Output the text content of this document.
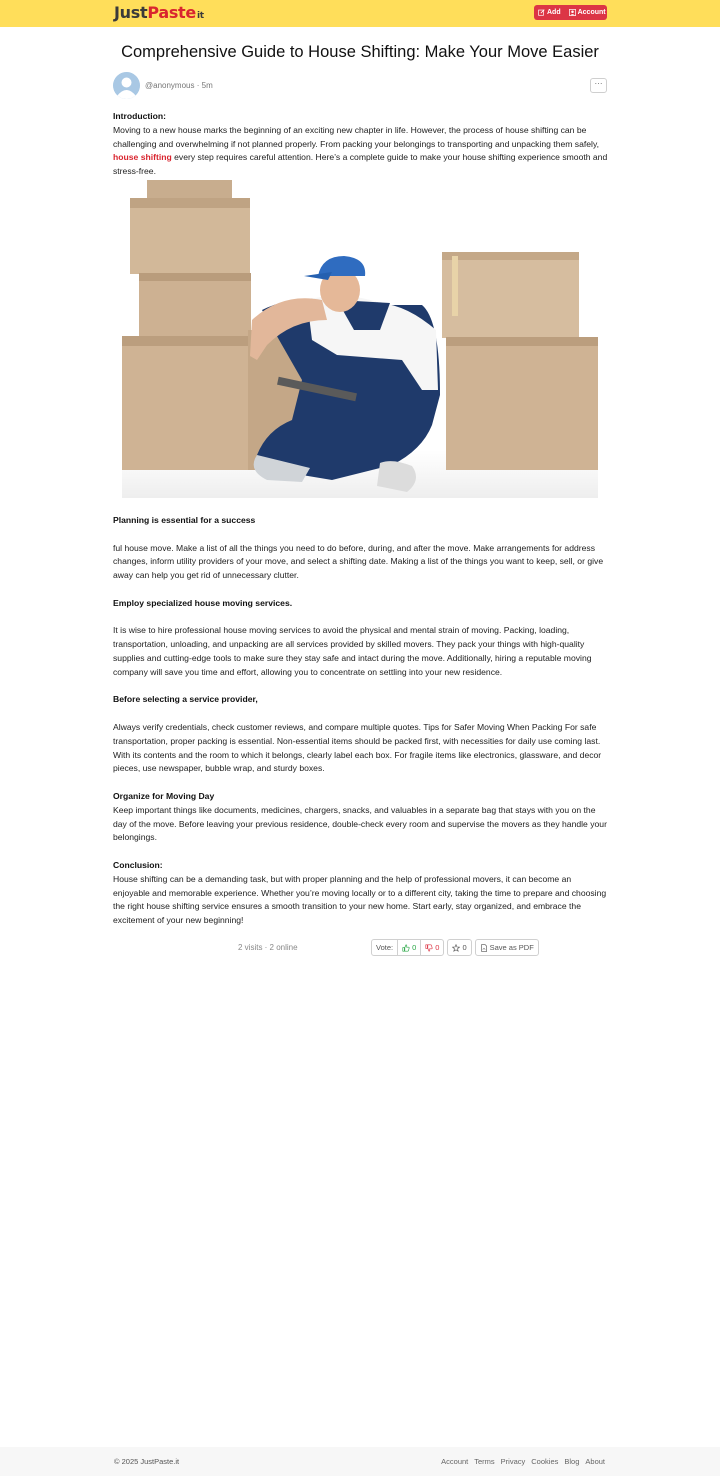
JustPasteit	Add Account
Comprehensive Guide to House Shifting: Make Your Move Easier
@anonymous · 5m	···

Introduction:

Moving to a new house marks the beginning of an exciting new chapter in life. However, the process of house shifting can be challenging and overwhelming if not planned properly. From packing your belongings to transporting and unpacking them safely, house shifting every step requires careful attention. Here’s a complete guide to make your house shifting experience smooth and stress-free.

Planning is essential for a success

ful house move. Make a list of all the things you need to do before, during, and after the move. Make arrangements for address changes, inform utility providers of your move, and select a shifting date. Making a list of the things you want to keep, sell, or give away can help you get rid of unnecessary clutter.

Employ specialized house moving services.

It is wise to hire professional house moving services to avoid the physical and mental strain of moving. Packing, loading, transportation, unloading, and unpacking are all services provided by skilled movers. They pack your things with high-quality supplies and cutting-edge tools to make sure they stay safe and intact during the move. Additionally, hiring a reputable moving company will save you time and effort, allowing you to concentrate on settling into your new residence.

Before selecting a service provider,

Always verify credentials, check customer reviews, and compare multiple quotes. Tips for Safer Moving When Packing For safe transportation, proper packing is essential. Non-essential items should be packed first, with necessities for daily use coming last. With its contents and the room to which it belongs, clearly label each box. For fragile items like electronics, glassware, and decor pieces, use newspaper, bubble wrap, and sturdy boxes.

Organize for Moving Day

Keep important things like documents, medicines, chargers, snacks, and valuables in a separate bag that stays with you on the day of the move. Before leaving your previous residence, double-check every room and supervise the movers as they handle your belongings.

Conclusion:

House shifting can be a demanding task, but with proper planning and the help of professional movers, it can become an enjoyable and memorable experience. Whether you’re moving locally or to a different city, taking the time to prepare and choosing the right house shifting service ensures a smooth transition to your new home. Start early, stay organized, and embrace the excitement of your new beginning!

2 visits · 2 online	Vote:	0	0	0	Save as PDF
© 2025 JustPaste.it	Account Terms Privacy Cookies Blog About
